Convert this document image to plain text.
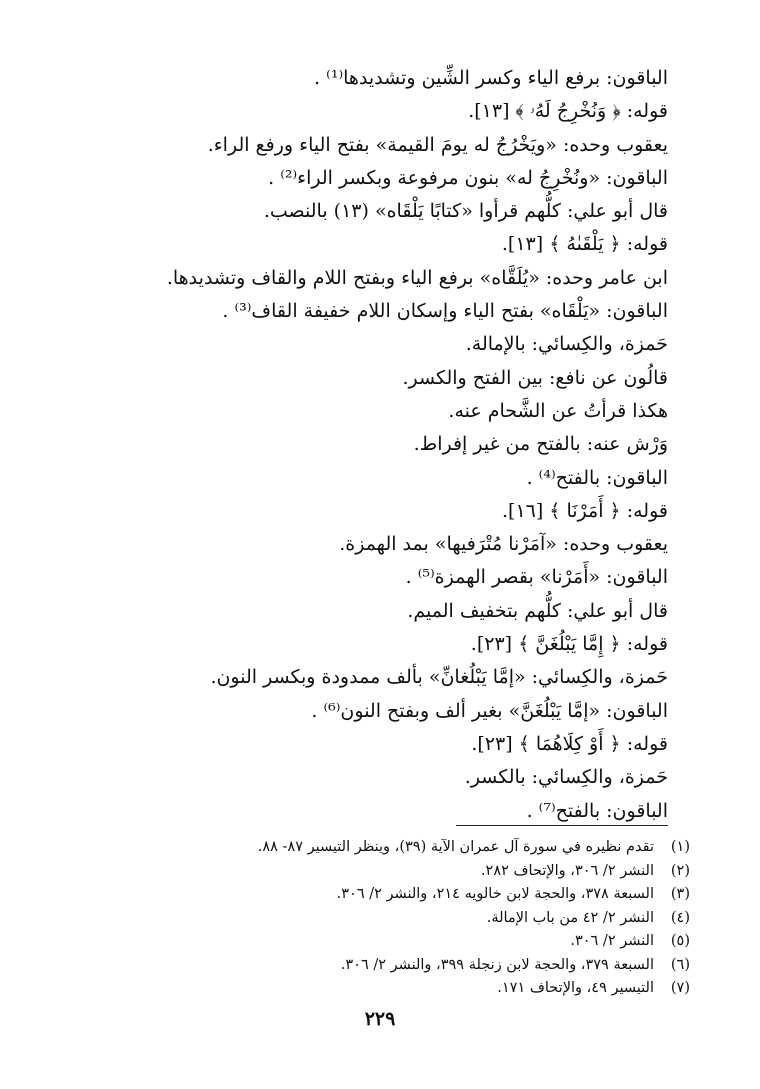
الباقون: برفع الياء وكسر الشِّين وتشديدها⁽¹⁾ .
قوله: ﴿ وَنُخْرِجُ لَهُۥ ﴾ [١٣].
يعقوب وحده: «ويَخْرُجُ له يومَ القيمة» بفتح الياء ورفع الراء.
الباقون: «ونُخْرِجُ له» بنون مرفوعة وبكسر الراء⁽²⁾ .
قال أبو علي: كلُّهم قرأوا «كتابًا يَلْقَاه» (١٣) بالنصب.
قوله: ﴿ يَلْقَىٰهُ ﴾ [١٣].
ابن عامر وحده: «يُلَقَّاه» برفع الياء وبفتح اللام والقاف وتشديدها.
الباقون: «يَلْقَاه» بفتح الياء وإسكان اللام خفيفة القاف⁽³⁾ .
حَمزة، والكِسائي: بالإمالة.
قالُون عن نافع: بين الفتح والكسر.
هكذا قرأتُ عن الشَّحام عنه.
وَرْش عنه: بالفتح من غير إفراط.
الباقون: بالفتح⁽⁴⁾ .
قوله: ﴿ أَمَرْنَا ﴾ [١٦].
يعقوب وحده: «آمَرْنا مُتْرَفيها» بمد الهمزة.
الباقون: «أَمَرْنا» بقصر الهمزة⁽⁵⁾ .
قال أبو علي: كلُّهم بتخفيف الميم.
قوله: ﴿ إِمَّا يَبْلُغَنَّ ﴾ [٢٣].
حَمزة، والكِسائي: «إمَّا يَبْلُغانِّ» بألف ممدودة وبكسر النون.
الباقون: «إمَّا يَبْلُغَنَّ» بغير ألف وبفتح النون⁽⁶⁾ .
قوله: ﴿ أَوْ كِلَاهُمَا ﴾ [٢٣].
حَمزة، والكِسائي: بالكسر.
الباقون: بالفتح⁽⁷⁾ .
(١)
تقدم نظيره في سورة آل عمران الآية (٣٩)، وينظر التيسير ٨٧- ٨٨.
(٢)
النشر ٢/ ٣٠٦، والإتحاف ٢٨٢.
(٣)
السبعة ٣٧٨، والحجة لابن خالويه ٢١٤، والنشر ٢/ ٣٠٦.
(٤)
النشر ٢/ ٤٢ من باب الإمالة.
(٥)
النشر ٢/ ٣٠٦.
(٦)
السبعة ٣٧٩، والحجة لابن زنجلة ٣٩٩، والنشر ٢/ ٣٠٦.
(٧)
التيسير ٤٩، والإتحاف ١٧١.
٢٢٩
